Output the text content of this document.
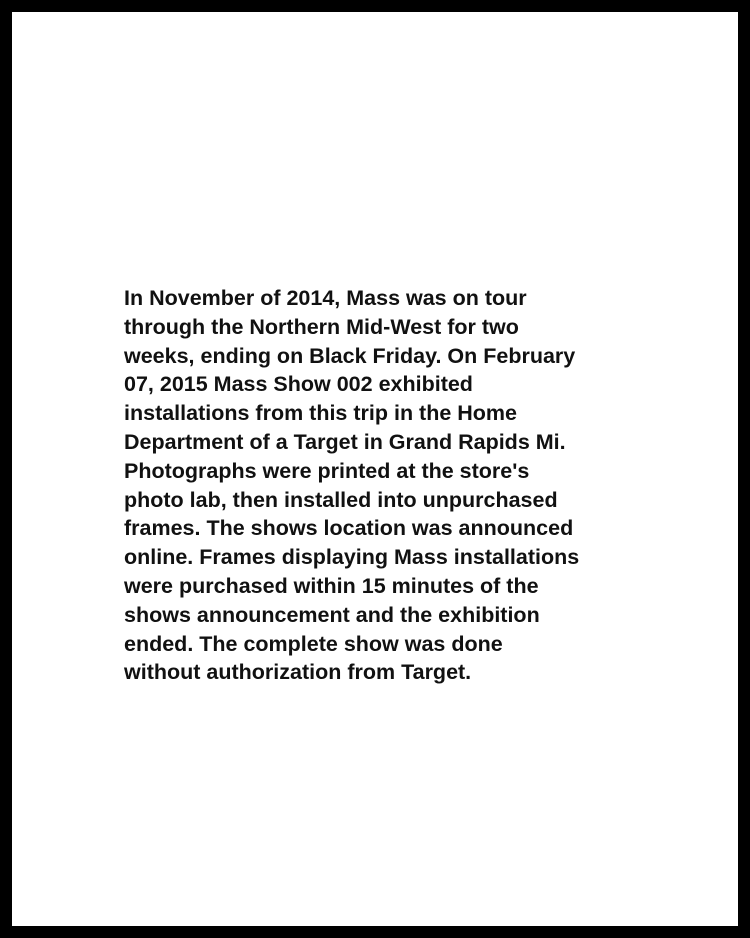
In November of 2014, Mass was on tour
through the Northern Mid-West for two
weeks, ending on Black Friday. On February
07, 2015 Mass Show 002 exhibited
installations from this trip in the Home
Department of a Target in Grand Rapids Mi.
Photographs were printed at the store's
photo lab, then installed into unpurchased
frames. The shows location was announced
online. Frames displaying Mass installations
were purchased within 15 minutes of the
shows announcement and the exhibition
ended. The complete show was done
without authorization from Target.
